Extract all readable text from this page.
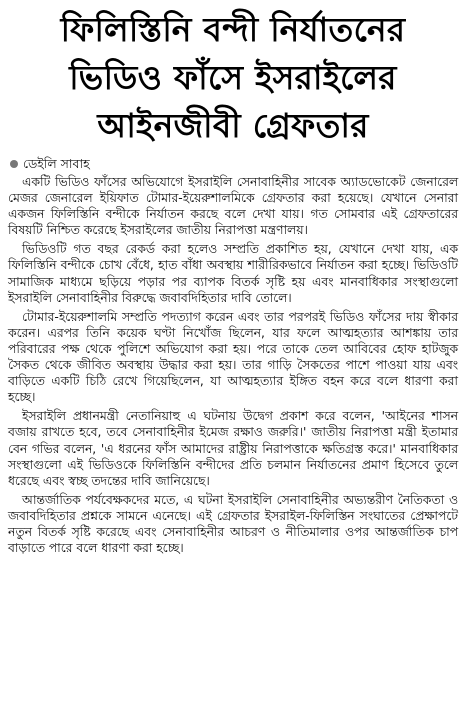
ফিলিস্তিনি বন্দী নির্যাতনের
ভিডিও ফাঁসে ইসরাইলের
আইনজীবী গ্রেফতার
ডেইলি সাবাহ

একটি ভিডিও ফাঁসের অভিযোগে ইসরাইলি সেনাবাহিনীর সাবেক অ্যাডভোকেট জেনারেল মেজর জেনারেল ইয়িফাত টোমার-ইয়েরুশালমিকে গ্রেফতার করা হয়েছে। যেখানে সেনারা একজন ফিলিস্তিনি বন্দীকে নির্যাতন করছে বলে দেখা যায়। গত সোমবার এই গ্রেফতারের বিষয়টি নিশ্চিত করেছে ইসরাইলের জাতীয় নিরাপত্তা মন্ত্রণালয়।

ভিডিওটি গত বছর রেকর্ড করা হলেও সম্প্রতি প্রকাশিত হয়, যেখানে দেখা যায়, এক ফিলিস্তিনি বন্দীকে চোখ বেঁধে, হাত বাঁধা অবস্থায় শারীরিকভাবে নির্যাতন করা হচ্ছে। ভিডিওটি সামাজিক মাধ্যমে ছড়িয়ে পড়ার পর ব্যাপক বিতর্ক সৃষ্টি হয় এবং মানবাধিকার সংস্থাগুলো ইসরাইলি সেনাবাহিনীর বিরুদ্ধে জবাবদিহিতার দাবি তোলে।

টোমার-ইয়েরুশালমি সম্প্রতি পদত্যাগ করেন এবং তার পরপরই ভিডিও ফাঁসের দায় স্বীকার করেন। এরপর তিনি কয়েক ঘণ্টা নিখোঁজ ছিলেন, যার ফলে আত্মহত্যার আশঙ্কায় তার পরিবারের পক্ষ থেকে পুলিশে অভিযোগ করা হয়। পরে তাকে তেল আবিবের হোফ হাটজুক সৈকত থেকে জীবিত অবস্থায় উদ্ধার করা হয়। তার গাড়ি সৈকতের পাশে পাওয়া যায় এবং বাড়িতে একটি চিঠি রেখে গিয়েছিলেন, যা আত্মহত্যার ইঙ্গিত বহন করে বলে ধারণা করা হচ্ছে।

ইসরাইলি প্রধানমন্ত্রী নেতানিয়াহু এ ঘটনায় উদ্বেগ প্রকাশ করে বলেন, 'আইনের শাসন বজায় রাখতে হবে, তবে সেনাবাহিনীর ইমেজ রক্ষাও জরুরি।' জাতীয় নিরাপত্তা মন্ত্রী ইতামার বেন গভির বলেন, 'এ ধরনের ফাঁস আমাদের রাষ্ট্রীয় নিরাপত্তাকে ক্ষতিগ্রস্ত করে।' মানবাধিকার সংস্থাগুলো এই ভিডিওকে ফিলিস্তিনি বন্দীদের প্রতি চলমান নির্যাতনের প্রমাণ হিসেবে তুলে ধরেছে এবং স্বচ্ছ তদন্তের দাবি জানিয়েছে।

আন্তর্জাতিক পর্যবেক্ষকদের মতে, এ ঘটনা ইসরাইলি সেনাবাহিনীর অভ্যন্তরীণ নৈতিকতা ও জবাবদিহিতার প্রশ্নকে সামনে এনেছে। এই গ্রেফতার ইসরাইল-ফিলিস্তিন সংঘাতের প্রেক্ষাপটে নতুন বিতর্ক সৃষ্টি করেছে এবং সেনাবাহিনীর আচরণ ও নীতিমালার ওপর আন্তর্জাতিক চাপ বাড়াতে পারে বলে ধারণা করা হচ্ছে।
